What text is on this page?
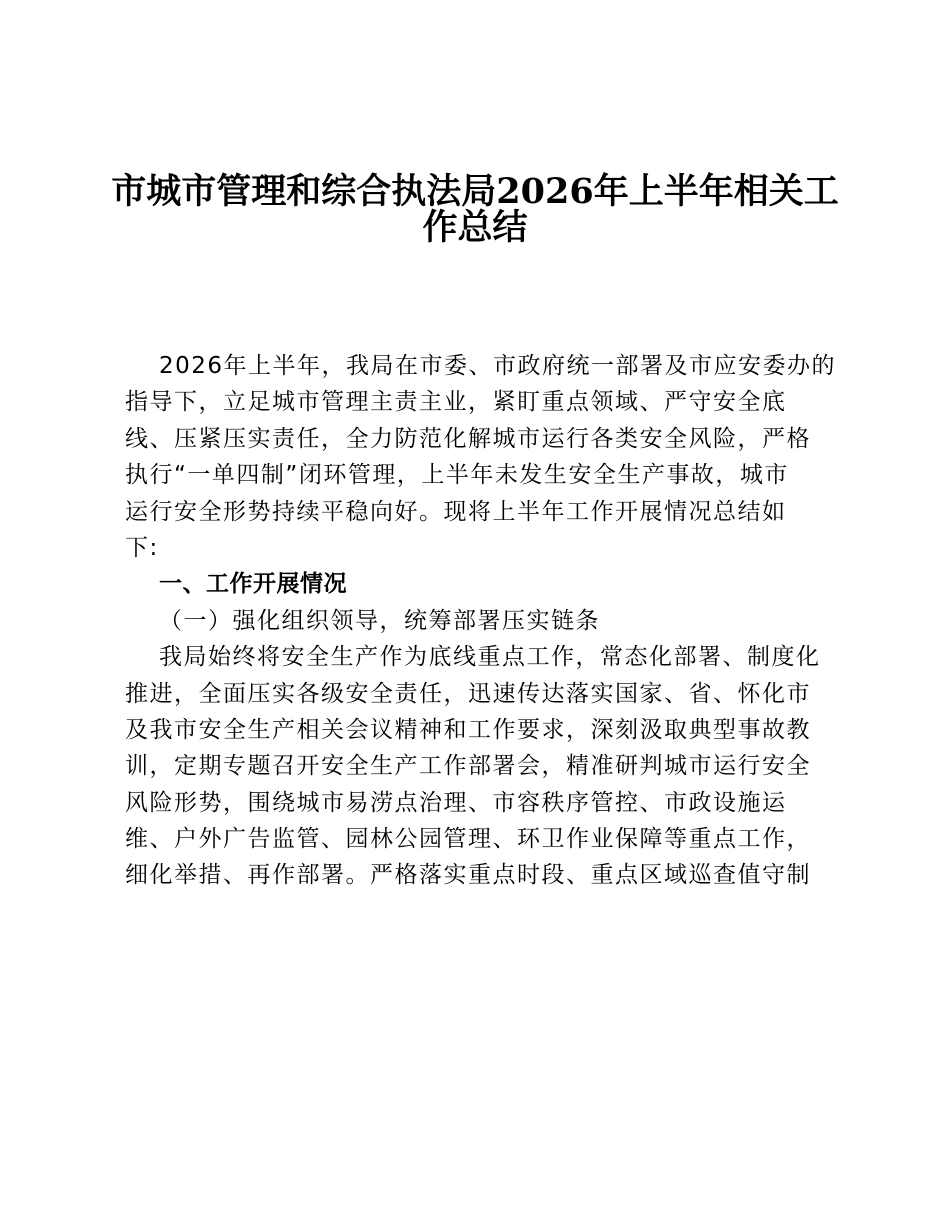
市城市管理和综合执法局2026年上半年相关工
作总结
2026年上半年，我局在市委、市政府统一部署及市应安委办的
指导下，立足城市管理主责主业，紧盯重点领域、严守安全底
线、压紧压实责任，全力防范化解城市运行各类安全风险，严格
执行“一单四制”闭环管理，上半年未发生安全生产事故，城市
运行安全形势持续平稳向好。现将上半年工作开展情况总结如
下:
一、工作开展情况
（一）强化组织领导，统筹部署压实链条
我局始终将安全生产作为底线重点工作，常态化部署、制度化
推进，全面压实各级安全责任，迅速传达落实国家、省、怀化市
及我市安全生产相关会议精神和工作要求，深刻汲取典型事故教
训，定期专题召开安全生产工作部署会，精准研判城市运行安全
风险形势，围绕城市易涝点治理、市容秩序管控、市政设施运
维、户外广告监管、园林公园管理、环卫作业保障等重点工作，
细化举措、再作部署。严格落实重点时段、重点区域巡查值守制
